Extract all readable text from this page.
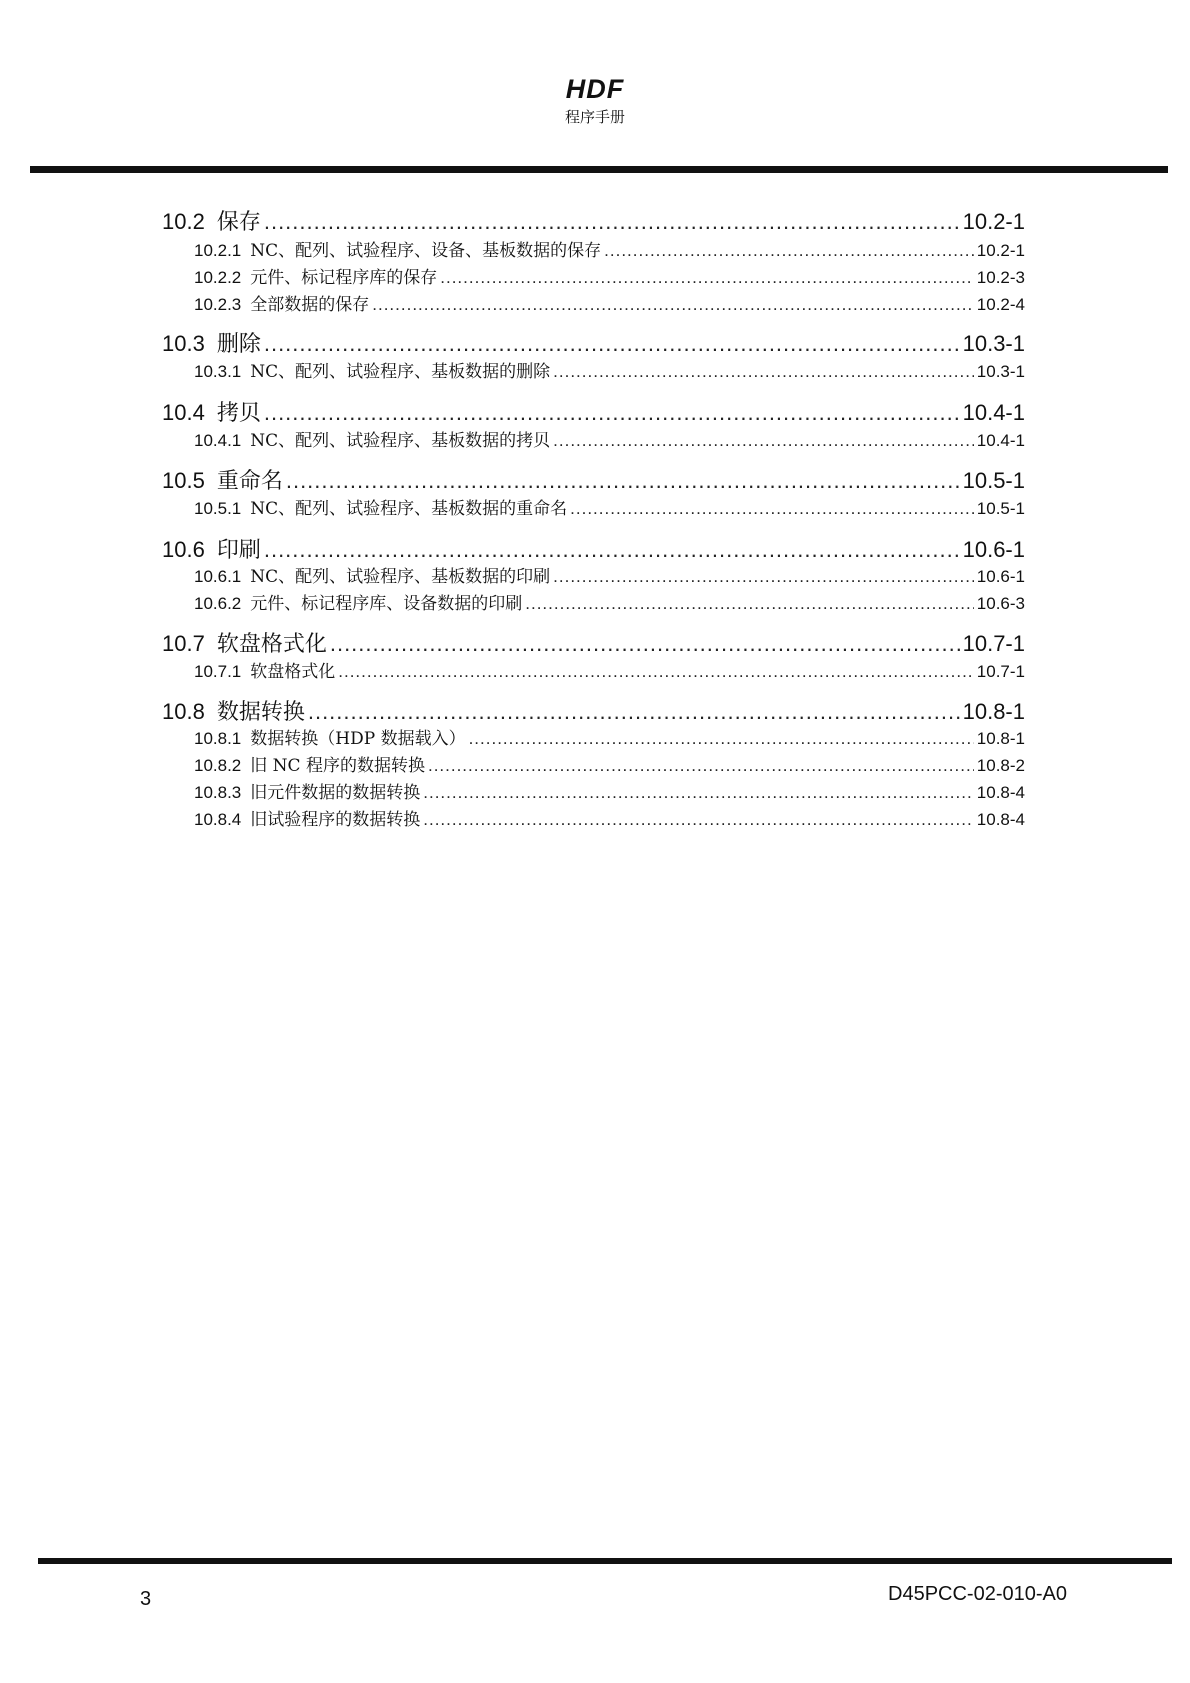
HDF
程序手册
10.2 保存 .....	10.2-1
10.2.1 NC、配列、试验程序、设备、基板数据的保存 .....	10.2-1
10.2.2 元件、标记程序库的保存 .....	10.2-3
10.2.3 全部数据的保存 .....	10.2-4
10.3 删除 .....	10.3-1
10.3.1 NC、配列、试验程序、基板数据的删除 .....	10.3-1
10.4 拷贝 .....	10.4-1
10.4.1 NC、配列、试验程序、基板数据的拷贝 .....	10.4-1
10.5 重命名 .....	10.5-1
10.5.1 NC、配列、试验程序、基板数据的重命名 .....	10.5-1
10.6 印刷 .....	10.6-1
10.6.1 NC、配列、试验程序、基板数据的印刷 .....	10.6-1
10.6.2 元件、标记程序库、设备数据的印刷 .....	10.6-3
10.7 软盘格式化 .....	10.7-1
10.7.1 软盘格式化 .....	10.7-1
10.8 数据转换 .....	10.8-1
10.8.1 数据转换（HDP 数据载入） .....	10.8-1
10.8.2 旧 NC 程序的数据转换 .....	10.8-2
10.8.3 旧元件数据的数据转换 .....	10.8-4
10.8.4 旧试验程序的数据转换 .....	10.8-4
3	D45PCC-02-010-A0
